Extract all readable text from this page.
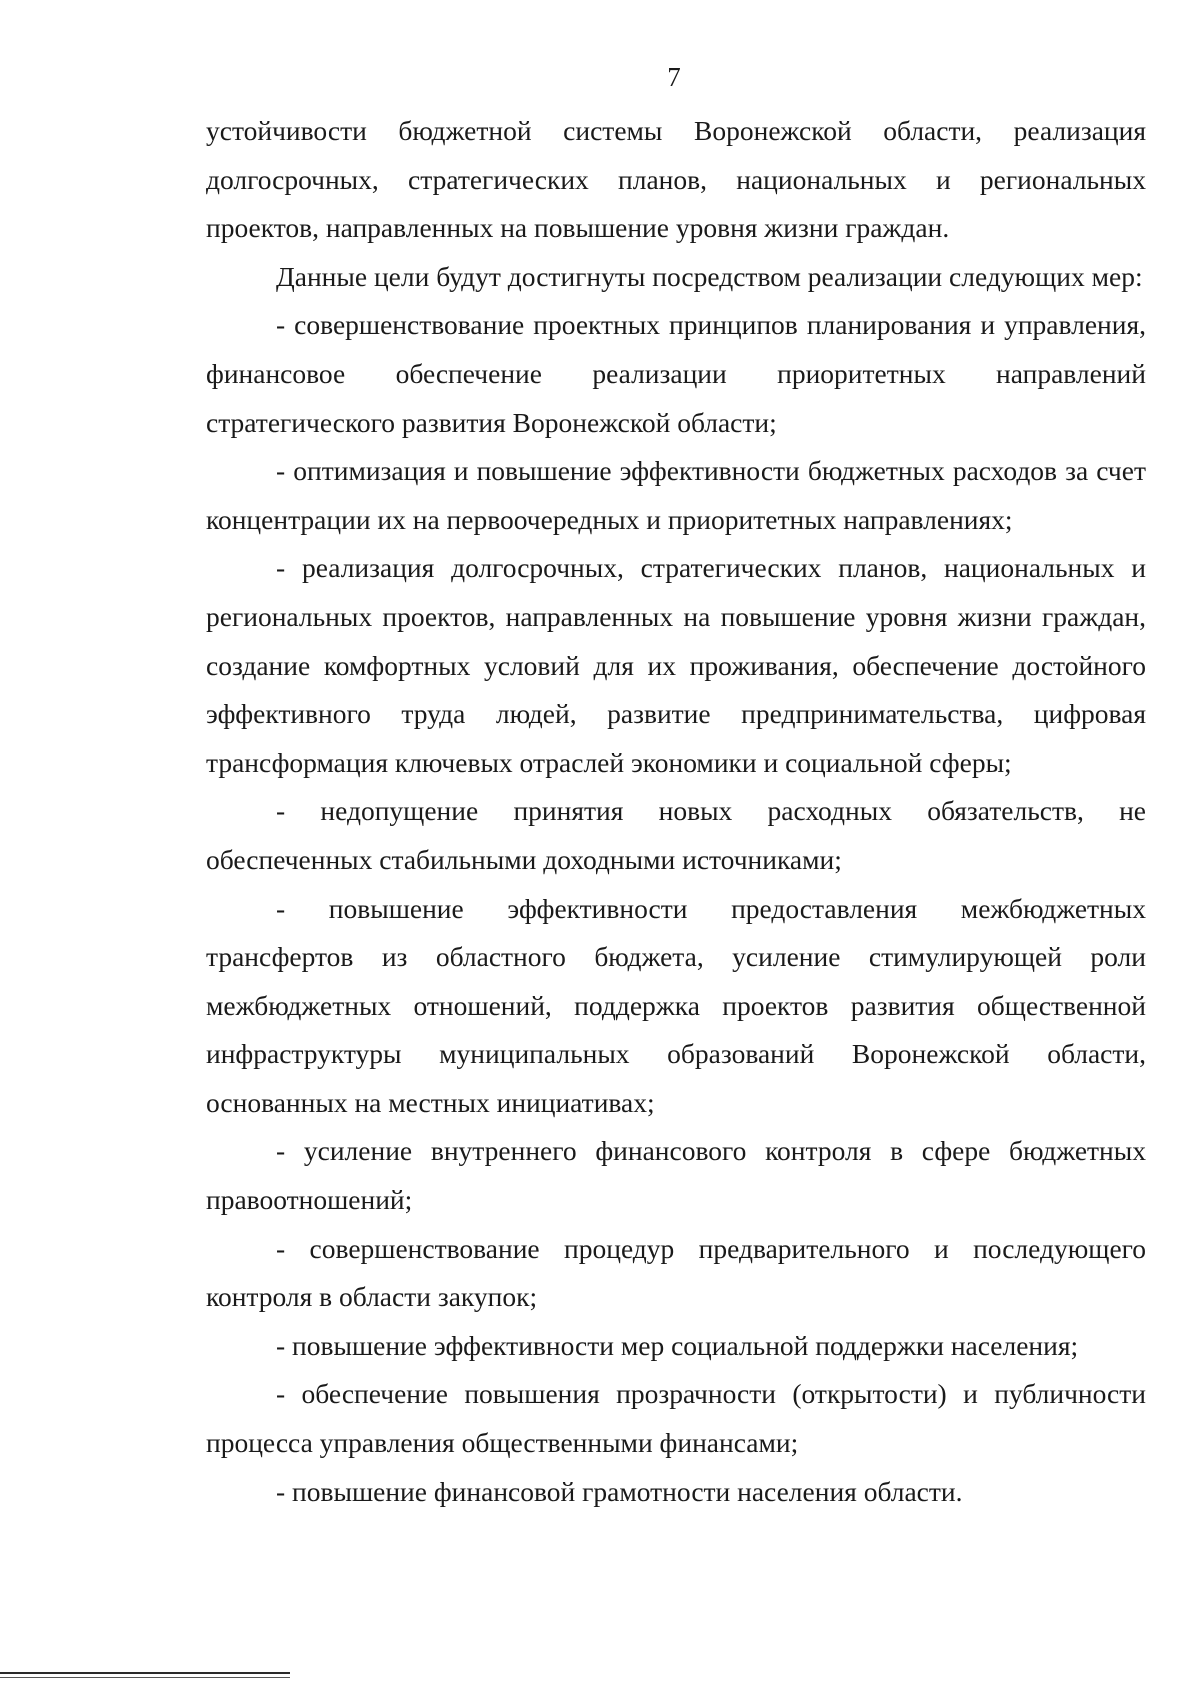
7

устойчивости бюджетной системы Воронежской области, реализация долгосрочных, стратегических планов, национальных и региональных проектов, направленных на повышение уровня жизни граждан.

Данные цели будут достигнуты посредством реализации следующих мер:

- совершенствование проектных принципов планирования и управления, финансовое обеспечение реализации приоритетных направлений стратегического развития Воронежской области;

- оптимизация и повышение эффективности бюджетных расходов за счет концентрации их на первоочередных и приоритетных направлениях;

- реализация долгосрочных, стратегических планов, национальных и региональных проектов, направленных на повышение уровня жизни граждан, создание комфортных условий для их проживания, обеспечение достойного эффективного труда людей, развитие предпринимательства, цифровая трансформация ключевых отраслей экономики и социальной сферы;

- недопущение принятия новых расходных обязательств, не обеспеченных стабильными доходными источниками;

- повышение эффективности предоставления межбюджетных трансфертов из областного бюджета, усиление стимулирующей роли межбюджетных отношений, поддержка проектов развития общественной инфраструктуры муниципальных образований Воронежской области, основанных на местных инициативах;

- усиление внутреннего финансового контроля в сфере бюджетных правоотношений;

- совершенствование процедур предварительного и последующего контроля в области закупок;

- повышение эффективности мер социальной поддержки населения;

- обеспечение повышения прозрачности (открытости) и публичности процесса управления общественными финансами;

- повышение финансовой грамотности населения области.
